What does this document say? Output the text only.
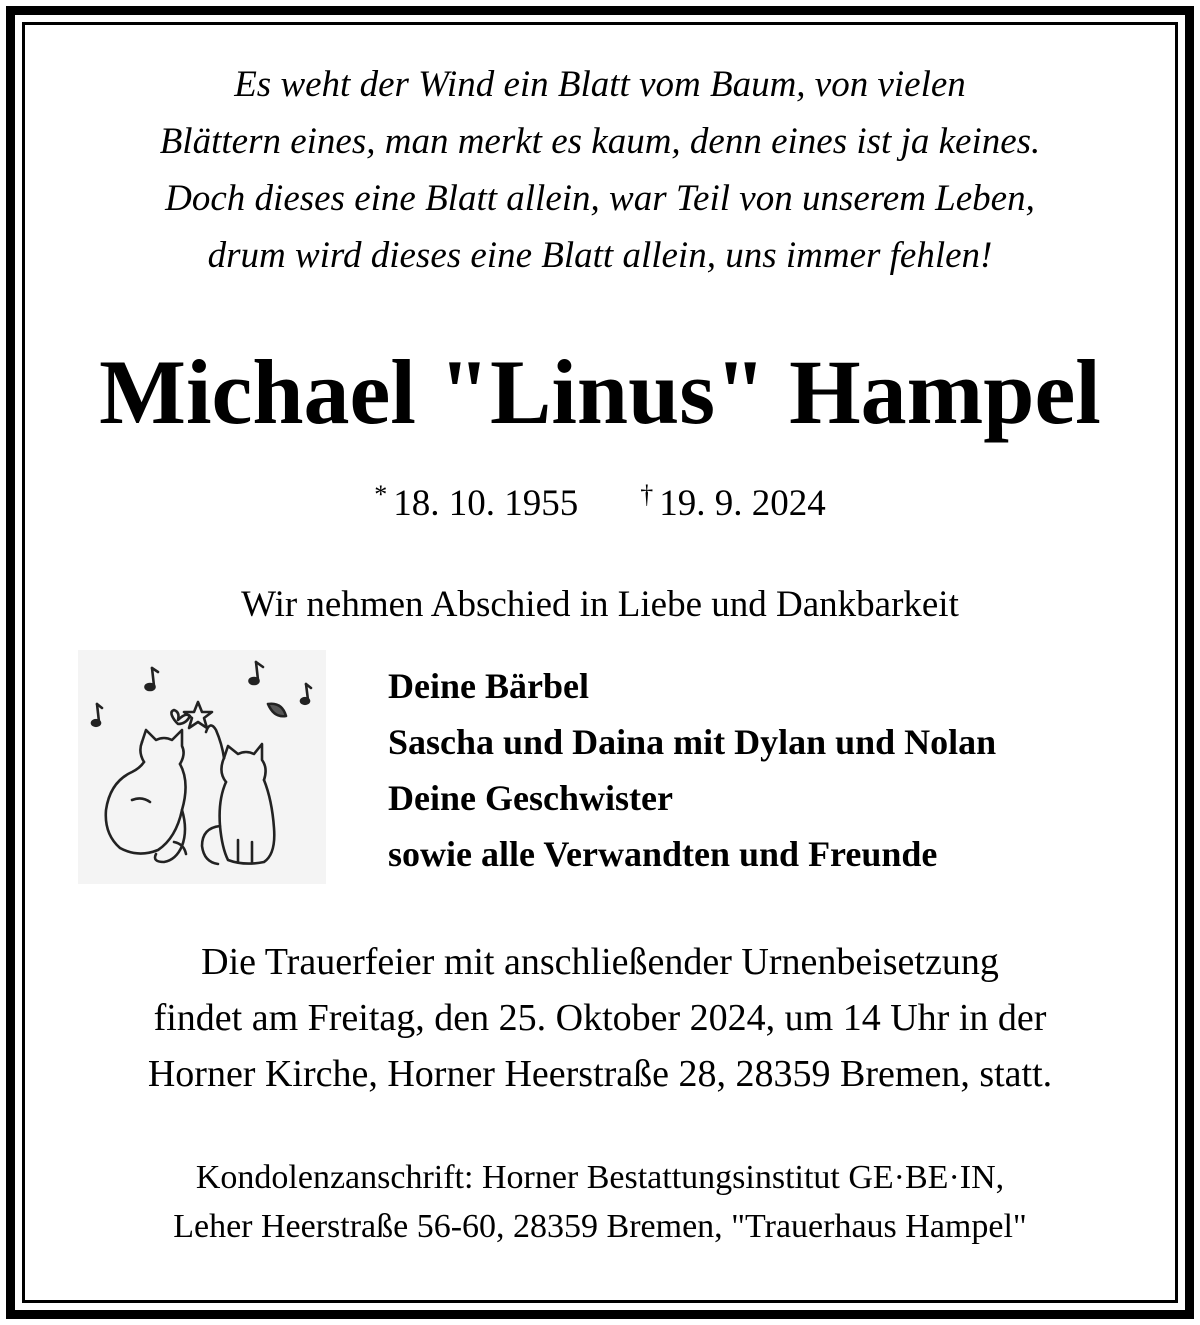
Es weht der Wind ein Blatt vom Baum, von vielen
Blättern eines, man merkt es kaum, denn eines ist ja keines.
Doch dieses eine Blatt allein, war Teil von unserem Leben,
drum wird dieses eine Blatt allein, uns immer fehlen!
Michael "Linus" Hampel
* 18. 10. 1955 † 19. 9. 2024
Wir nehmen Abschied in Liebe und Dankbarkeit
Deine Bärbel
Sascha und Daina mit Dylan und Nolan
Deine Geschwister
sowie alle Verwandten und Freunde
Die Trauerfeier mit anschließender Urnenbeisetzung
findet am Freitag, den 25. Oktober 2024, um 14 Uhr in der
Horner Kirche, Horner Heerstraße 28, 28359 Bremen, statt.
Kondolenzanschrift: Horner Bestattungsinstitut GE·BE·IN,
Leher Heerstraße 56-60, 28359 Bremen, "Trauerhaus Hampel"
